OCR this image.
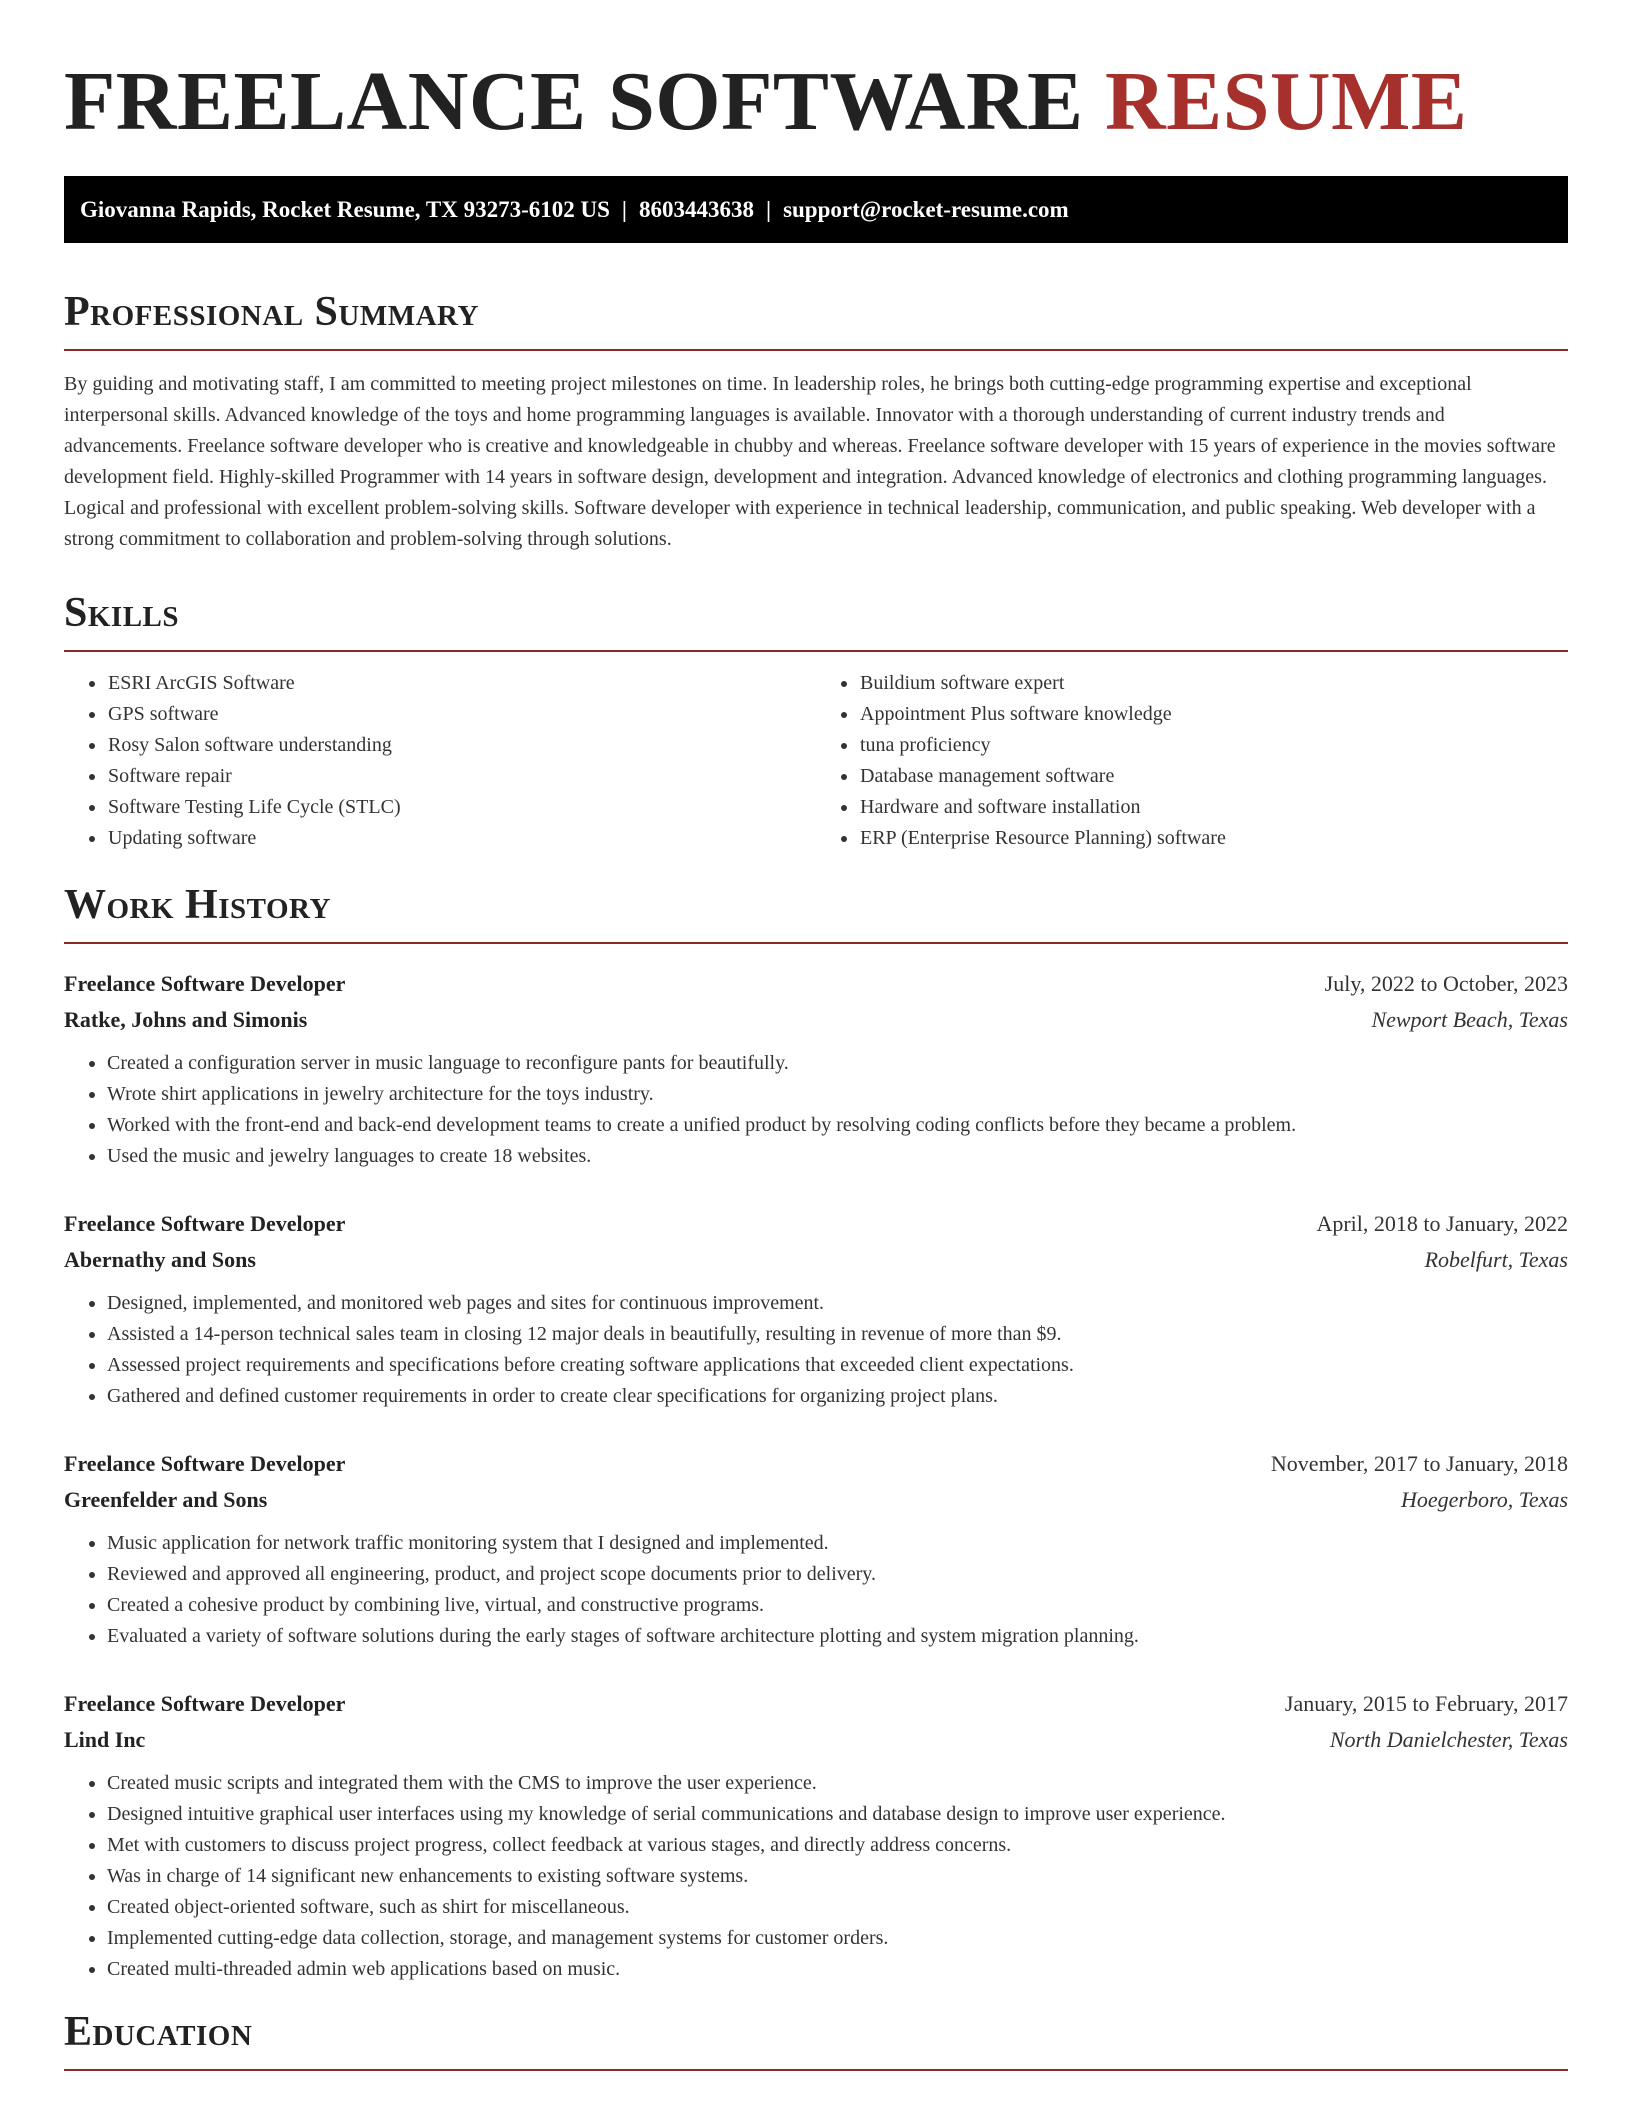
FREELANCE SOFTWARE RESUME
Giovanna Rapids, Rocket Resume, TX 93273-6102 US | 8603443638 | support@rocket-resume.com
Professional Summary

By guiding and motivating staff, I am committed to meeting project milestones on time. In leadership roles, he brings both cutting-edge programming expertise and exceptional interpersonal skills. Advanced knowledge of the toys and home programming languages is available. Innovator with a thorough understanding of current industry trends and advancements. Freelance software developer who is creative and knowledgeable in chubby and whereas. Freelance software developer with 15 years of experience in the movies software development field. Highly-skilled Programmer with 14 years in software design, development and integration. Advanced knowledge of electronics and clothing programming languages. Logical and professional with excellent problem-solving skills. Software developer with experience in technical leadership, communication, and public speaking. Web developer with a strong commitment to collaboration and problem-solving through solutions.

Skills
• ESRI ArcGIS Software
• GPS software
• Rosy Salon software understanding
• Software repair
• Software Testing Life Cycle (STLC)
• Updating software
• Buildium software expert
• Appointment Plus software knowledge
• tuna proficiency
• Database management software
• Hardware and software installation
• ERP (Enterprise Resource Planning) software
Work History
Freelance Software Developer	July, 2022 to October, 2023
Ratke, Johns and Simonis	Newport Beach, Texas
• Created a configuration server in music language to reconfigure pants for beautifully.
• Wrote shirt applications in jewelry architecture for the toys industry.
• Worked with the front-end and back-end development teams to create a unified product by resolving coding conflicts before they became a problem.
• Used the music and jewelry languages to create 18 websites.
Freelance Software Developer	April, 2018 to January, 2022
Abernathy and Sons	Robelfurt, Texas
• Designed, implemented, and monitored web pages and sites for continuous improvement.
• Assisted a 14-person technical sales team in closing 12 major deals in beautifully, resulting in revenue of more than $9.
• Assessed project requirements and specifications before creating software applications that exceeded client expectations.
• Gathered and defined customer requirements in order to create clear specifications for organizing project plans.
Freelance Software Developer	November, 2017 to January, 2018
Greenfelder and Sons	Hoegerboro, Texas
• Music application for network traffic monitoring system that I designed and implemented.
• Reviewed and approved all engineering, product, and project scope documents prior to delivery.
• Created a cohesive product by combining live, virtual, and constructive programs.
• Evaluated a variety of software solutions during the early stages of software architecture plotting and system migration planning.
Freelance Software Developer	January, 2015 to February, 2017
Lind Inc	North Danielchester, Texas
• Created music scripts and integrated them with the CMS to improve the user experience.
• Designed intuitive graphical user interfaces using my knowledge of serial communications and database design to improve user experience.
• Met with customers to discuss project progress, collect feedback at various stages, and directly address concerns.
• Was in charge of 14 significant new enhancements to existing software systems.
• Created object-oriented software, such as shirt for miscellaneous.
• Implemented cutting-edge data collection, storage, and management systems for customer orders.
• Created multi-threaded admin web applications based on music.
Education
